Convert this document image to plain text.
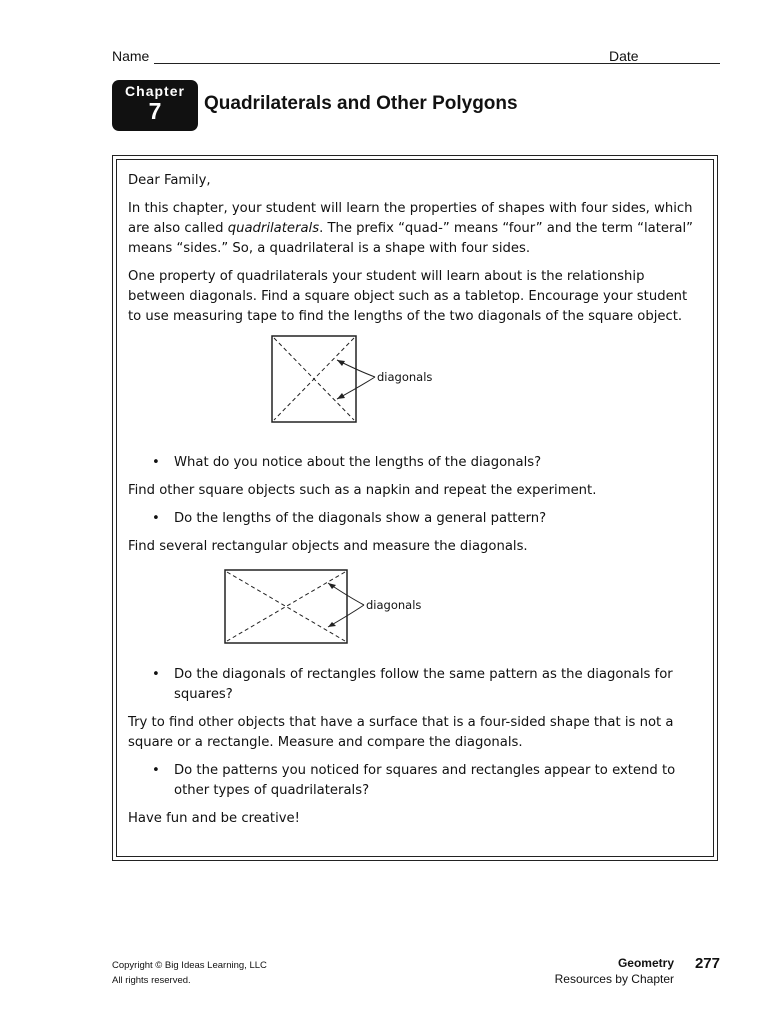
Name	Date
Chapter
7	Quadrilaterals and Other Polygons

Dear Family,

In this chapter, your student will learn the properties of shapes with four sides, which are also called quadrilaterals. The prefix “quad-” means “four” and the term “lateral” means “sides.” So, a quadrilateral is a shape with four sides.

One property of quadrilaterals your student will learn about is the relationship between diagonals. Find a square object such as a tabletop. Encourage your student to use measuring tape to find the lengths of the two diagonals of the square object.

diagonals
• What do you notice about the lengths of the diagonals?

Find other square objects such as a napkin and repeat the experiment.

• Do the lengths of the diagonals show a general pattern?

Find several rectangular objects and measure the diagonals.

diagonals
• Do the diagonals of rectangles follow the same pattern as the diagonals for squares?

Try to find other objects that have a surface that is a four-sided shape that is not a square or a rectangle. Measure and compare the diagonals.

• Do the patterns you noticed for squares and rectangles appear to extend to other types of quadrilaterals?

Have fun and be creative!

Copyright © Big Ideas Learning, LLC
All rights reserved.
Geometry
Resources by Chapter
277
